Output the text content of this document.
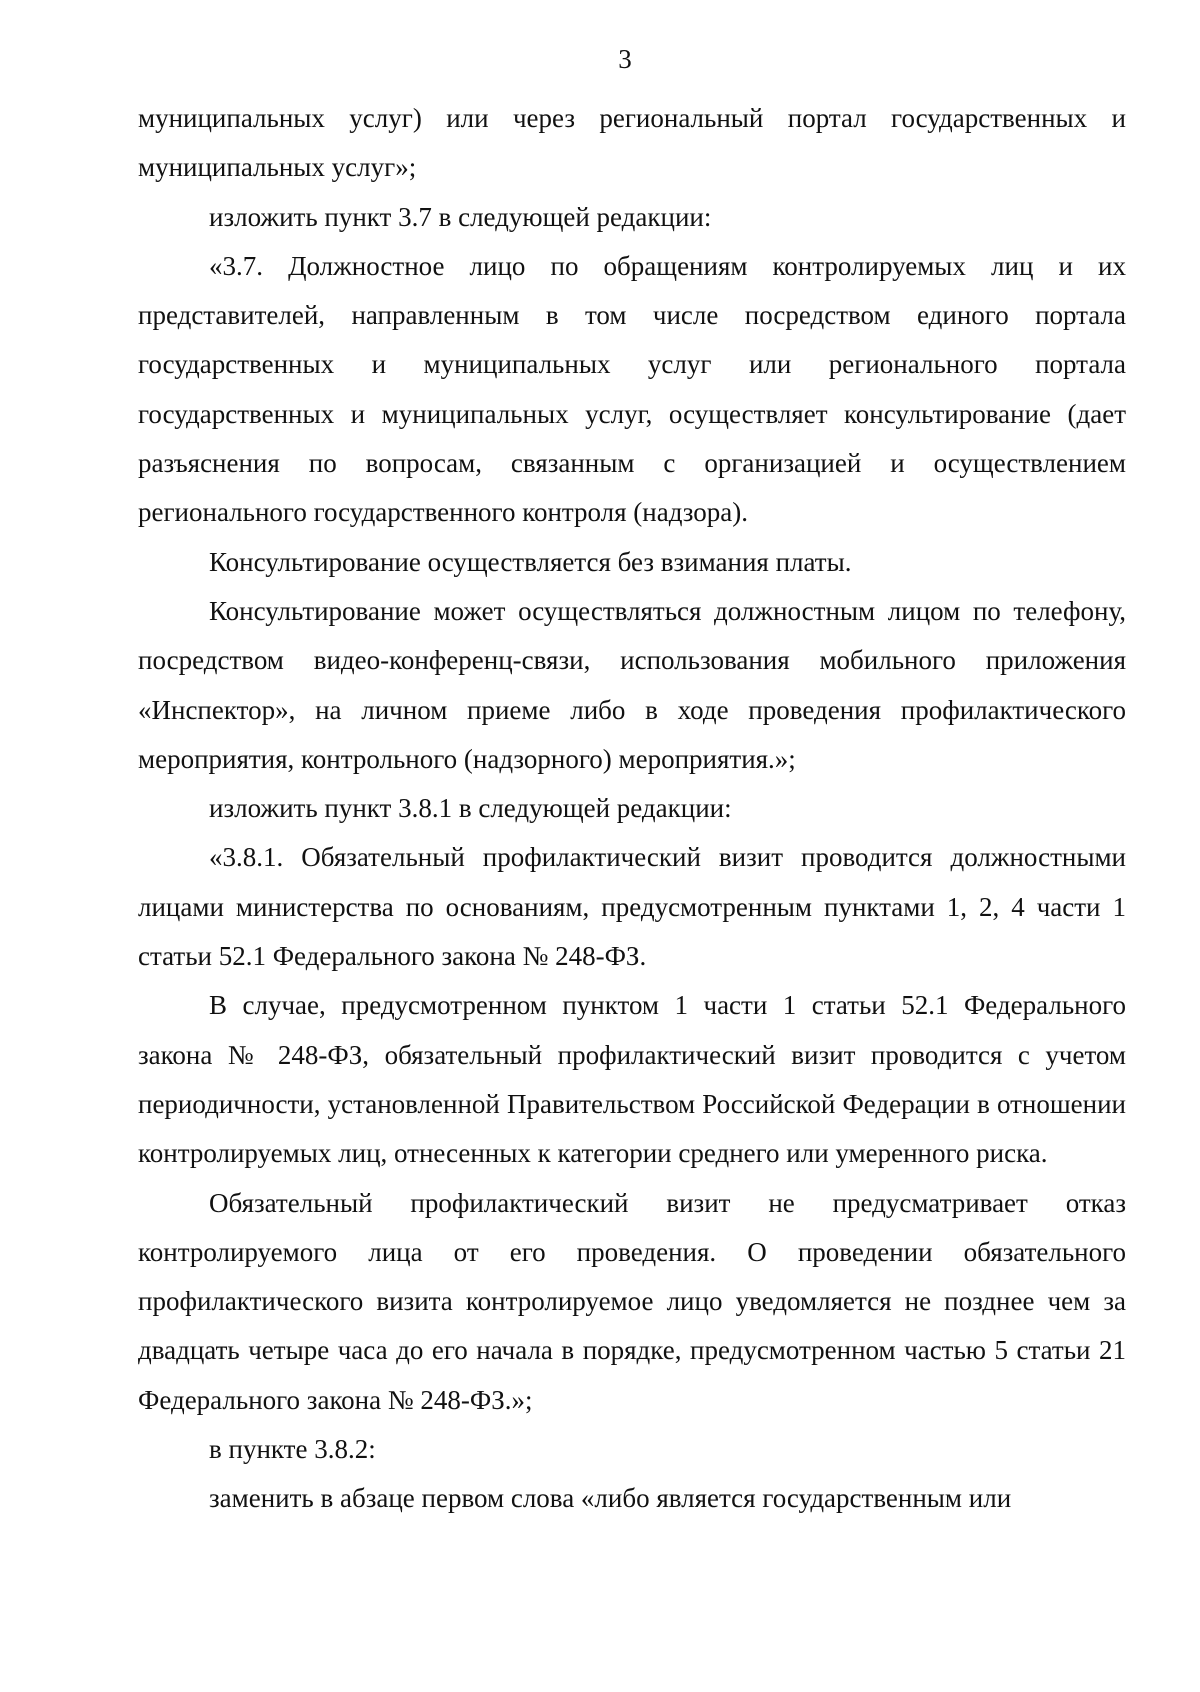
3

муниципальных услуг) или через региональный портал государственных и муниципальных услуг»;

изложить пункт 3.7 в следующей редакции:

«3.7. Должностное лицо по обращениям контролируемых лиц и их представителей, направленным в том числе посредством единого портала государственных и муниципальных услуг или регионального портала государственных и муниципальных услуг, осуществляет консультирование (дает разъяснения по вопросам, связанным с организацией и осуществлением регионального государственного контроля (надзора).

Консультирование осуществляется без взимания платы.

Консультирование может осуществляться должностным лицом по телефону, посредством видео-конференц-связи, использования мобильного приложения «Инспектор», на личном приеме либо в ходе проведения профилактического мероприятия, контрольного (надзорного) мероприятия.»;

изложить пункт 3.8.1 в следующей редакции:

«3.8.1. Обязательный профилактический визит проводится должностными лицами министерства по основаниям, предусмотренным пунктами 1, 2, 4 части 1 статьи 52.1 Федерального закона № 248-ФЗ.

В случае, предусмотренном пунктом 1 части 1 статьи 52.1 Федерального закона № 248-ФЗ, обязательный профилактический визит проводится с учетом периодичности, установленной Правительством Российской Федерации в отношении контролируемых лиц, отнесенных к категории среднего или умеренного риска.

Обязательный профилактический визит не предусматривает отказ контролируемого лица от его проведения. О проведении обязательного профилактического визита контролируемое лицо уведомляется не позднее чем за двадцать четыре часа до его начала в порядке, предусмотренном частью 5 статьи 21 Федерального закона № 248-ФЗ.»;

в пункте 3.8.2:

заменить в абзаце первом слова «либо является государственным или
